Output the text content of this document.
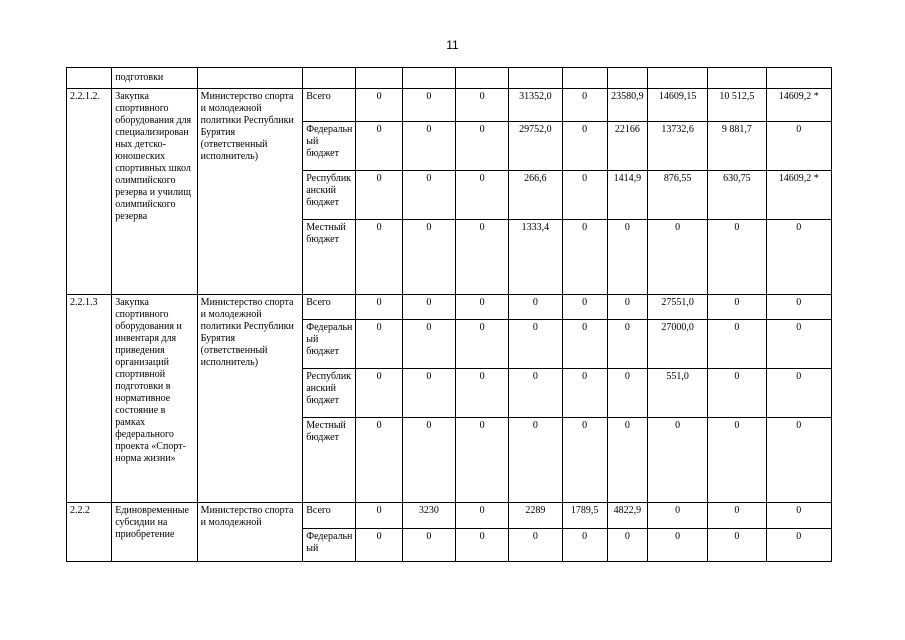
11
	подготовки											
2.2.1.2.	Закупка спортивного оборудования для специализированных детско-юношеских спортивных школ олимпийского резерва и училищ олимпийского резерва	Министерство спорта и молодежной политики Республики Бурятия (ответственный исполнитель)	Всего	0	0	0	31352,0	0	23580,9	14609,15	10 512,5	14609,2 *
			Федеральный бюджет	0	0	0	29752,0	0	22166	13732,6	9 881,7	0
			Республиканский бюджет	0	0	0	266,6	0	1414,9	876,55	630,75	14609,2 *
			Местный бюджет	0	0	0	1333,4	0	0	0	0	0
2.2.1.3	Закупка спортивного оборудования и инвентаря для приведения организаций спортивной подготовки в нормативное состояние в рамках федерального проекта «Спорт-норма жизни»	Министерство спорта и молодежной политики Республики Бурятия (ответственный исполнитель)	Всего	0	0	0	0	0	0	27551,0	0	0
			Федеральный бюджет	0	0	0	0	0	0	27000,0	0	0
			Республиканский бюджет	0	0	0	0	0	0	551,0	0	0
			Местный бюджет	0	0	0	0	0	0	0	0	0
2.2.2	Единовременные субсидии на приобретение	Министерство спорта и молодежной	Всего	0	3230	0	2289	1789,5	4822,9	0	0	0
			Федеральный	0	0	0	0	0	0	0	0	0
